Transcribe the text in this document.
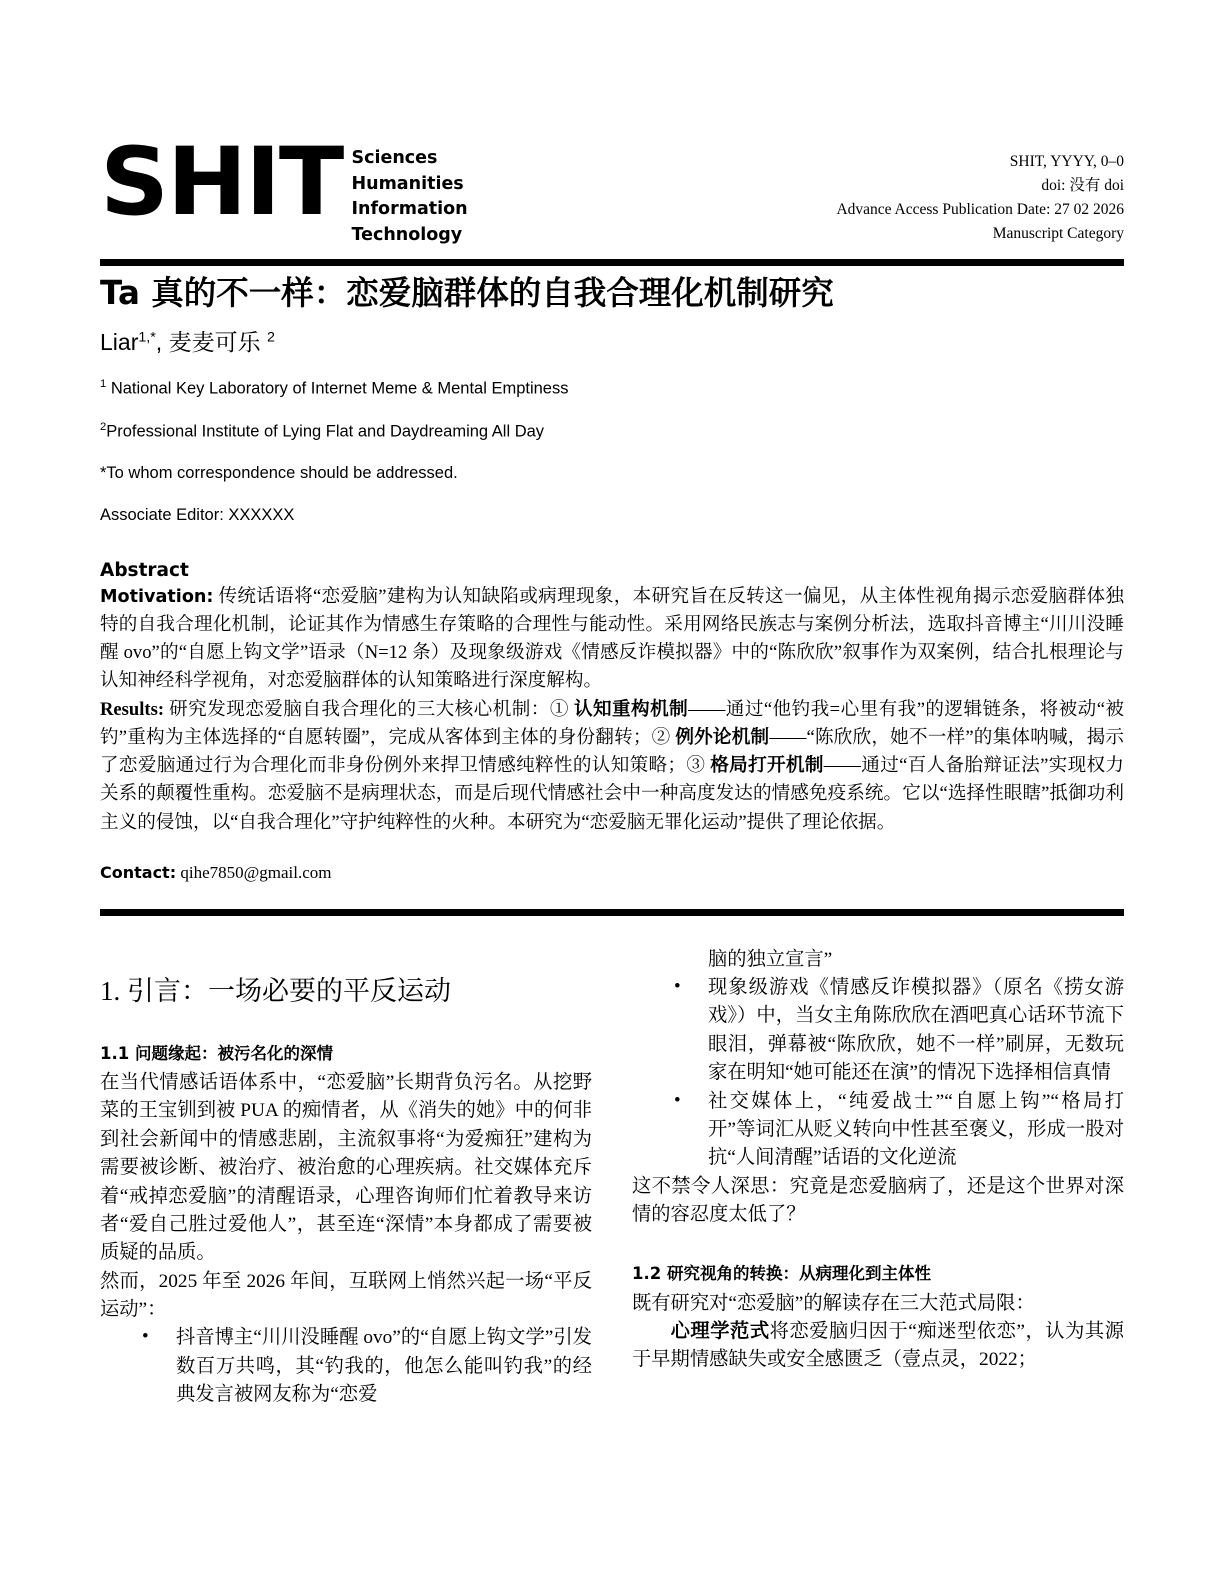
SHIT Sciences
Humanities
Information
Technology
SHIT, YYYY, 0–0
doi: 没有 doi
Advance Access Publication Date: 27 02 2026
Manuscript Category
Ta 真的不一样：恋爱脑群体的自我合理化机制研究
Liar$^{1,*}$, 麦麦可乐 $^2$
$^1$ National Key Laboratory of Internet Meme & Mental Emptiness
$^2$Professional Institute of Lying Flat and Daydreaming All Day
*To whom correspondence should be addressed.
Associate Editor: XXXXXX
Abstract

Motivation: 传统话语将“恋爱脑”建构为认知缺陷或病理现象，本研究旨在反转这一偏见，从主体性视角揭示恋爱脑群体独特的自我合理化机制，论证其作为情感生存策略的合理性与能动性。采用网络民族志与案例分析法，选取抖音博主“川川没睡醒 ovo”的“自愿上钩文学”语录（N=12 条）及现象级游戏《情感反诈模拟器》中的“陈欣欣”叙事作为双案例，结合扎根理论与认知神经科学视角，对恋爱脑群体的认知策略进行深度解构。

Results: 研究发现恋爱脑自我合理化的三大核心机制：① 认知重构机制——通过“他钓我=心里有我”的逻辑链条，将被动“被钓”重构为主体选择的“自愿转圈”，完成从客体到主体的身份翻转；② 例外论机制——“陈欣欣，她不一样”的集体呐喊，揭示了恋爱脑通过行为合理化而非身份例外来捍卫情感纯粹性的认知策略；③ 格局打开机制——通过“百人备胎辩证法”实现权力关系的颠覆性重构。恋爱脑不是病理状态，而是后现代情感社会中一种高度发达的情感免疫系统。它以“选择性眼瞎”抵御功利主义的侵蚀，以“自我合理化”守护纯粹性的火种。本研究为“恋爱脑无罪化运动”提供了理论依据。

Contact: qihe7850@gmail.com
1. 引言：一场必要的平反运动
1.1 问题缘起：被污名化的深情

在当代情感话语体系中，“恋爱脑”长期背负污名。从挖野菜的王宝钏到被 PUA 的痴情者，从《消失的她》中的何非到社会新闻中的情感悲剧，主流叙事将“为爱痴狂”建构为需要被诊断、被治疗、被治愈的心理疾病。社交媒体充斥着“戒掉恋爱脑”的清醒语录，心理咨询师们忙着教导来访者“爱自己胜过爱他人”，甚至连“深情”本身都成了需要被质疑的品质。

然而，2025 年至 2026 年间，互联网上悄然兴起一场“平反运动”：

• 抖音博主“川川没睡醒 ovo”的“自愿上钩文学”引发数百万共鸣，其“钓我的，他怎么能叫钓我”的经典发言被网友称为“恋爱

脑的独立宣言”

• 现象级游戏《情感反诈模拟器》（原名《捞女游戏》）中，当女主角陈欣欣在酒吧真心话环节流下眼泪，弹幕被“陈欣欣，她不一样”刷屏，无数玩家在明知“她可能还在演”的情况下选择相信真情
• 社交媒体上，“纯爱战士”“自愿上钩”“格局打开”等词汇从贬义转向中性甚至褒义，形成一股对抗“人间清醒”话语的文化逆流

这不禁令人深思：究竟是恋爱脑病了，还是这个世界对深情的容忍度太低了？

1.2 研究视角的转换：从病理化到主体性

既有研究对“恋爱脑”的解读存在三大范式局限：

心理学范式将恋爱脑归因于“痴迷型依恋”，认为其源于早期情感缺失或安全感匮乏（壹点灵，2022；
